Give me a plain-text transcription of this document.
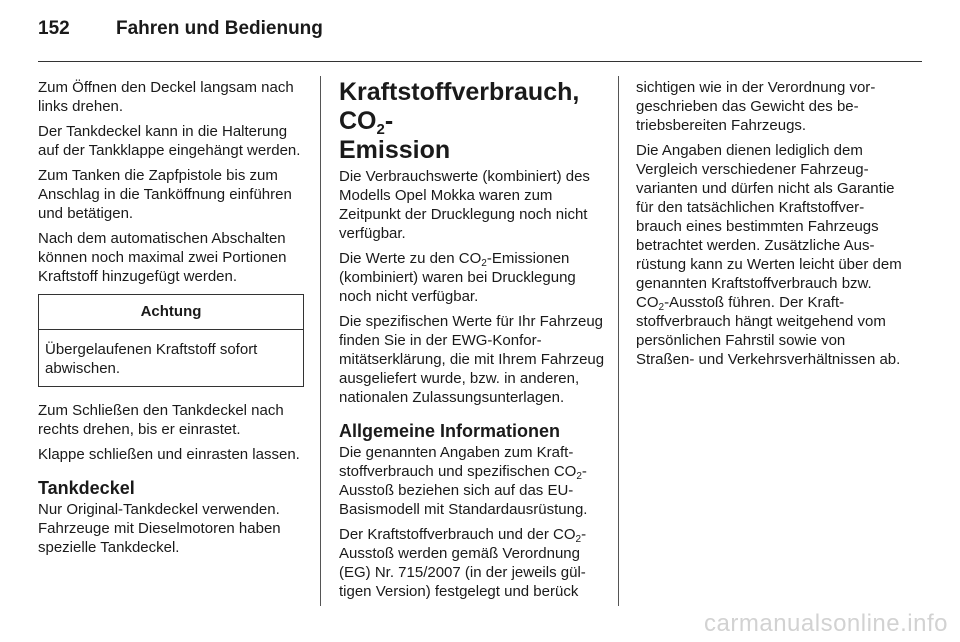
152 Fahren und Bedienung

Zum Öffnen den Deckel langsam nach links drehen.

Der Tankdeckel kann in die Halterung auf der Tankklappe eingehängt werden.

Zum Tanken die Zapfpistole bis zum Anschlag in die Tanköffnung einführen und betätigen.

Nach dem automatischen Abschalten können noch maximal zwei Portionen Kraftstoff hinzugefügt werden.

Achtung
Übergelaufenen Kraftstoff sofort abwischen.

Zum Schließen den Tankdeckel nach rechts drehen, bis er einrastet.

Klappe schließen und einrasten lassen.

Tankdeckel

Nur Original-Tankdeckel verwenden. Fahrzeuge mit Dieselmotoren haben spezielle Tankdeckel.

Kraftstoffverbrauch, $CO_2-$
Emission

Die Verbrauchswerte (kombiniert) des Modells Opel Mokka waren zum Zeitpunkt der Drucklegung noch nicht verfügbar.

Die Werte zu den $CO_2$-Emissionen (kombiniert) waren bei Drucklegung noch nicht verfügbar.

Die spezifischen Werte für Ihr Fahrzeug finden Sie in der EWG-Konformitätserklärung, die mit Ihrem Fahrzeug ausgeliefert wurde, bzw. in anderen, nationalen Zulassungsunterlagen.

Allgemeine Informationen

Die genannten Angaben zum Kraftstoffverbrauch und spezifischen $CO_2$-Ausstoß beziehen sich auf das EU-Basismodell mit Standardausrüstung.

Der Kraftstoffverbrauch und der $CO_2$-Ausstoß werden gemäß Verordnung (EG) Nr. 715/2007 (in der jeweils gültigen Version) festgelegt und berück

sichtigen wie in der Verordnung vorgeschrieben das Gewicht des betriebsbereiten Fahrzeugs.

Die Angaben dienen lediglich dem Vergleich verschiedener Fahrzeugvarianten und dürfen nicht als Garantie für den tatsächlichen Kraftstoffverbrauch eines bestimmten Fahrzeugs betrachtet werden. Zusätzliche Ausrüstung kann zu Werten leicht über dem genannten Kraftstoffverbrauch bzw. $CO_2$-Ausstoß führen. Der Kraftstoffverbrauch hängt weitgehend vom persönlichen Fahrstil sowie von Straßen- und Verkehrsverhältnissen ab.

carmanualsonline.info
